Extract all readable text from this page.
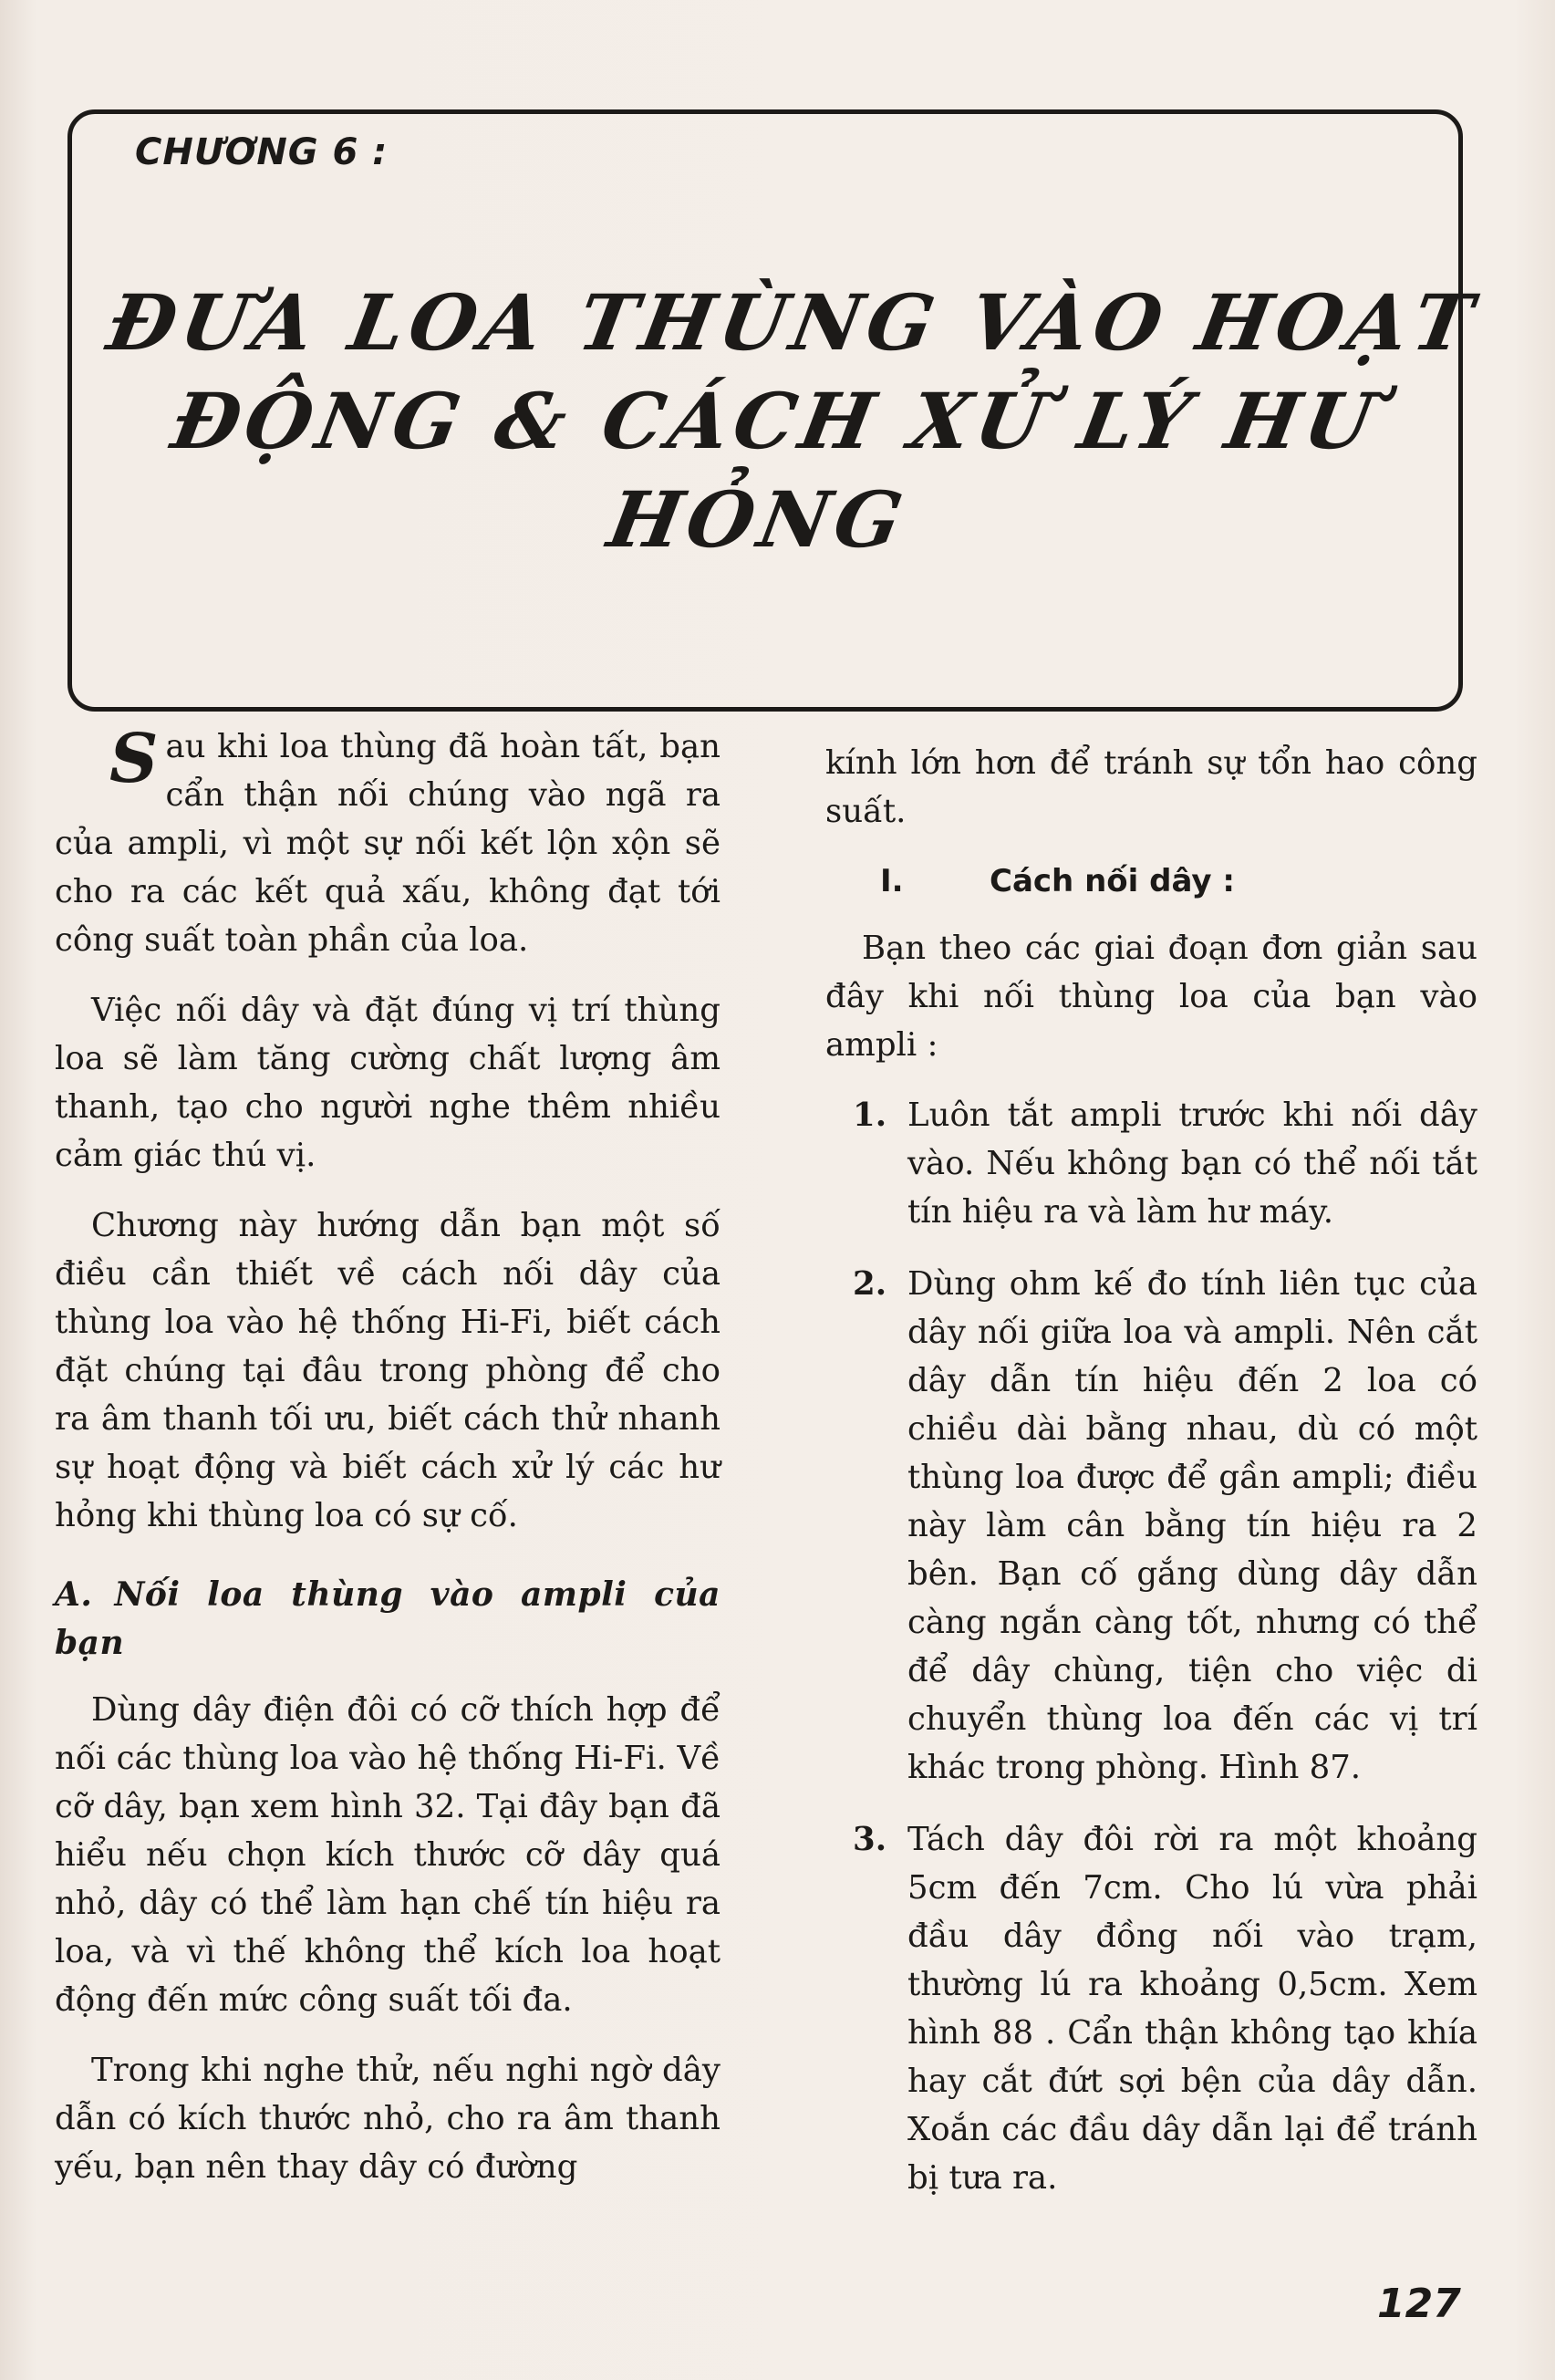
CHƯƠNG 6 :
ĐƯA LOA THÙNG VÀO HOẠT ĐỘNG & CÁCH XỬ LÝ HƯ HỎNG

S au khi loa thùng đã hoàn tất, bạn cẩn thận nối chúng vào ngã ra của ampli, vì một sự nối kết lộn xộn sẽ cho ra các kết quả xấu, không đạt tới công suất toàn phần của loa.

Việc nối dây và đặt đúng vị trí thùng loa sẽ làm tăng cường chất lượng âm thanh, tạo cho người nghe thêm nhiều cảm giác thú vị.

Chương này hướng dẫn bạn một số điều cần thiết về cách nối dây của thùng loa vào hệ thống Hi-Fi, biết cách đặt chúng tại đâu trong phòng để cho ra âm thanh tối ưu, biết cách thử nhanh sự hoạt động và biết cách xử lý các hư hỏng khi thùng loa có sự cố.

A. Nối loa thùng vào ampli của bạn

Dùng dây điện đôi có cỡ thích hợp để nối các thùng loa vào hệ thống Hi-Fi. Về cỡ dây, bạn xem hình 32. Tại đây bạn đã hiểu nếu chọn kích thước cỡ dây quá nhỏ, dây có thể làm hạn chế tín hiệu ra loa, và vì thế không thể kích loa hoạt động đến mức công suất tối đa.

Trong khi nghe thử, nếu nghi ngờ dây dẫn có kích thước nhỏ, cho ra âm thanh yếu, bạn nên thay dây có đường

kính lớn hơn để tránh sự tổn hao công suất.

I.	Cách nối dây :

Bạn theo các giai đoạn đơn giản sau đây khi nối thùng loa của bạn vào ampli :

1. Luôn tắt ampli trước khi nối dây vào. Nếu không bạn có thể nối tắt tín hiệu ra và làm hư máy.
2. Dùng ohm kế đo tính liên tục của dây nối giữa loa và ampli. Nên cắt dây dẫn tín hiệu đến 2 loa có chiều dài bằng nhau, dù có một thùng loa được để gần ampli; điều này làm cân bằng tín hiệu ra 2 bên. Bạn cố gắng dùng dây dẫn càng ngắn càng tốt, nhưng có thể để dây chùng, tiện cho việc di chuyển thùng loa đến các vị trí khác trong phòng. Hình 87.
3. Tách dây đôi rời ra một khoảng 5cm đến 7cm. Cho lú vừa phải đầu dây đồng nối vào trạm, thường lú ra khoảng 0,5cm. Xem hình 88 . Cẩn thận không tạo khía hay cắt đứt sợi bện của dây dẫn. Xoắn các đầu dây dẫn lại để tránh bị tưa ra.
127
